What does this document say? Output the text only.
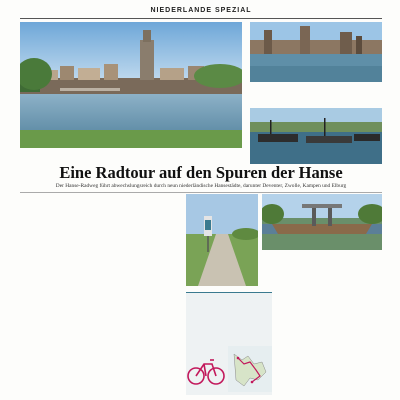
NIEDERLANDE SPEZIAL
Eine Radtour auf den Spuren der Hanse
Der Hanse-Radweg führt abwechslungsreich durch neun niederländische Hansestädte, darunter Deventer, Zwolle, Kampen und Elburg
